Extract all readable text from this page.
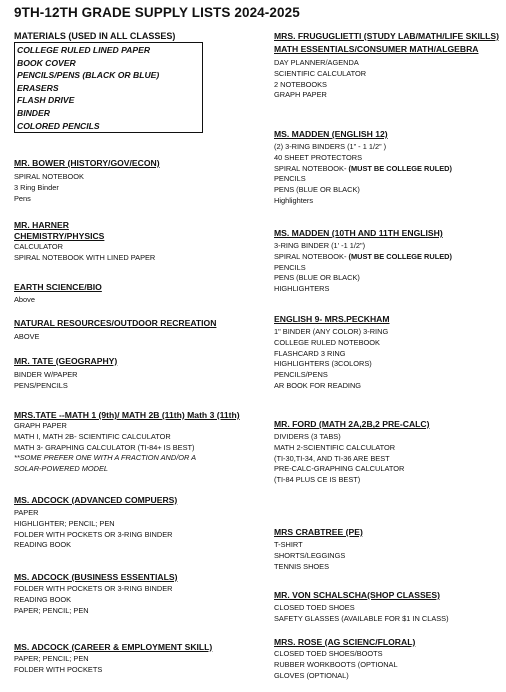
9TH-12TH GRADE SUPPLY LISTS 2024-2025
MATERIALS (USED IN ALL CLASSES)
COLLEGE RULED LINED PAPER
BOOK COVER
PENCILS/PENS (BLACK OR BLUE)
ERASERS
FLASH DRIVE
BINDER
COLORED PENCILS
MR. BOWER (HISTORY/GOV/ECON)
SPIRAL NOTEBOOK
3 Ring Binder
Pens
MR. HARNER
CHEMISTRY/PHYSICS
CALCULATOR
SPIRAL NOTEBOOK WITH LINED PAPER
EARTH SCIENCE/BIO
Above
NATURAL RESOURCES/OUTDOOR RECREATION
ABOVE
MR. TATE (GEOGRAPHY)
BINDER W/PAPER
PENS/PENCILS
MRS.TATE --MATH 1 (9th)/ MATH 2B (11th) Math 3 (11th)
GRAPH PAPER
MATH I, MATH 2B- SCIENTIFIC CALCULATOR
MATH 3- GRAPHING CALCULATOR (TI-84+ IS BEST)
**SOME PREFER ONE WITH A FRACTION AND/OR A
SOLAR-POWERED MODEL
MS. ADCOCK (ADVANCED COMPUERS)
PAPER
HIGHLIGHTER; PENCIL; PEN
FOLDER WITH POCKETS OR 3-RING BINDER
READING BOOK
MS. ADCOCK (BUSINESS ESSENTIALS)
FOLDER WITH POCKETS OR 3-RING BINDER
READING BOOK
PAPER; PENCIL; PEN
MS. ADCOCK (CAREER & EMPLOYMENT SKILL)
PAPER; PENCIL; PEN
FOLDER WITH POCKETS
MRS. FRUGUGLIETTI (STUDY LAB/MATH/LIFE SKILLS)
MATH ESSENTIALS/CONSUMER MATH/ALGEBRA
DAY PLANNER/AGENDA
SCIENTIFIC CALCULATOR
2 NOTEBOOKS
GRAPH PAPER
MS. MADDEN (ENGLISH 12)
(2) 3-RING BINDERS (1” - 1 1/2” )
40 SHEET PROTECTORS
SPIRAL NOTEBOOK- (MUST BE COLLEGE RULED)
PENCILS
PENS (BLUE OR BLACK)
Highlighters
MS. MADDEN (10TH AND 11TH ENGLISH)
3-RING BINDER (1' -1 1/2")
SPIRAL NOTEBOOK- (MUST BE COLLEGE RULED)
PENCILS
PENS (BLUE OR BLACK)
HIGHLIGHTERS
ENGLISH 9- MRS.PECKHAM
1" BINDER (ANY COLOR) 3-RING
COLLEGE RULED NOTEBOOK
FLASHCARD 3 RING
HIGHLIGHTERS (3COLORS)
PENCILS/PENS
AR BOOK FOR READING
MR. FORD (MATH 2A,2B,2 PRE-CALC)
DIVIDERS (3 TABS)
MATH 2-SCIENTIFIC CALCULATOR
(TI-30,TI-34, AND TI-36 ARE BEST
PRE-CALC-GRAPHING CALCULATOR
(TI-84 PLUS CE IS BEST)
MRS CRABTREE (PE)
T-SHIRT
SHORTS/LEGGINGS
TENNIS SHOES
MR. VON SCHALSCHA(SHOP CLASSES)
CLOSED TOED SHOES
SAFETY GLASSES (AVAILABLE FOR $1 IN CLASS)
MRS. ROSE (AG SCIENC/FLORAL)
CLOSED TOED SHOES/BOOTS
RUBBER WORKBOOTS (OPTIONAL
GLOVES (OPTIONAL)
